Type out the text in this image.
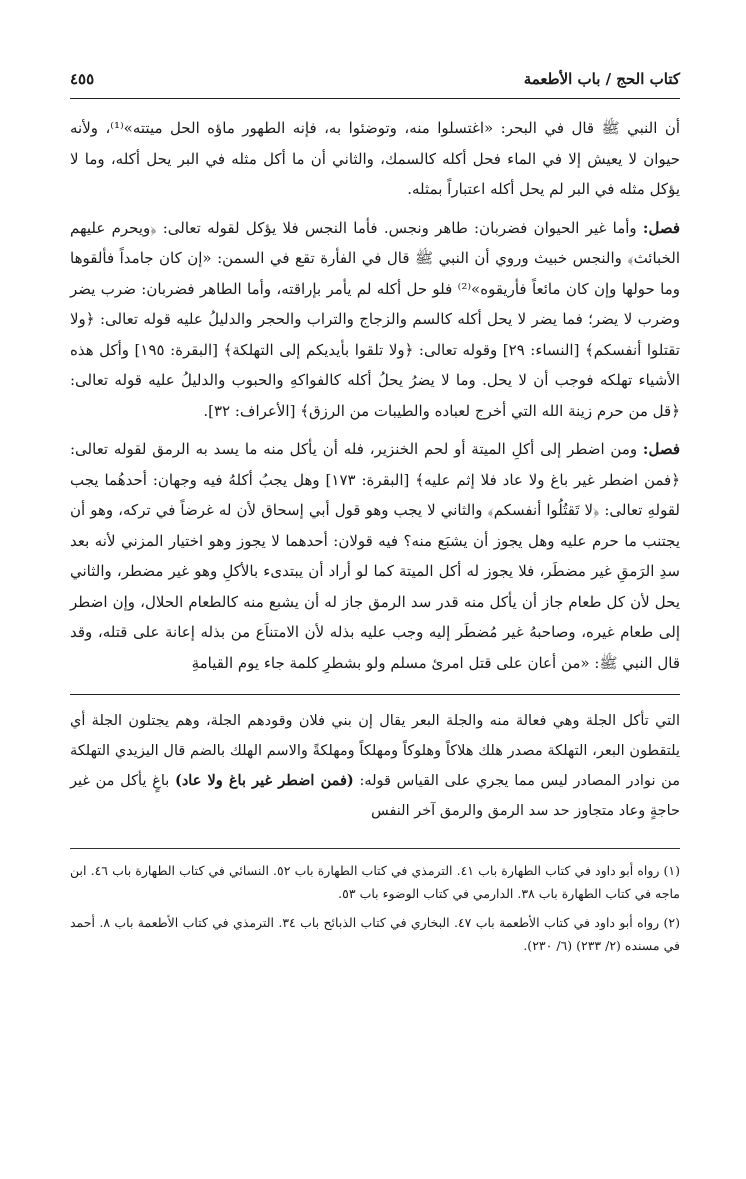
كتاب الحج / باب الأطعمة
٤٥٥

أن النبي ﷺ قال في البحر: «اغتسلوا منه، وتوضئوا به، فإنه الطهور ماؤه الحل ميتته»⁽¹⁾، ولأنه حيوان لا يعيش إلا في الماء فحل أكله كالسمك، والثاني أن ما أكل مثله في البر يحل أكله، وما لا يؤكل مثله في البر لم يحل أكله اعتباراً بمثله.

فصل: وأما غير الحيوان فضربان: طاهر ونجس. فأما النجس فلا يؤكل لقوله تعالى: ﴿ويحرم عليهم الخبائث﴾ والنجس خبيث وروي أن النبي ﷺ قال في الفأرة تقع في السمن: «إن كان جامداً فألقوها وما حولها وإن كان مائعاً فأريقوه»⁽²⁾ فلو حل أكله لم يأمر بإراقته، وأما الطاهر فضربان: ضرب يضر وضرب لا يضر؛ فما يضر لا يحل أكله كالسم والزجاج والتراب والحجر والدليلُ عليه قوله تعالى: ﴿ولا تقتلوا أنفسكم﴾ [النساء: ٢٩] وقوله تعالى: ﴿ولا تلقوا بأيديكم إلى التهلكة﴾ [البقرة: ١٩٥] وأكل هذه الأشياء تهلكه فوجب أن لا يحل. وما لا يضرُ يحلُ أكله كالفواكهِ والحبوب والدليلُ عليه قوله تعالى: ﴿قل من حرم زينة الله التي أخرج لعباده والطيبات من الرزق﴾ [الأعراف: ٣٢].

فصل: ومن اضطر إلى أكلِ الميتة أو لحم الخنزير، فله أن يأكل منه ما يسد به الرمق لقوله تعالى: ﴿فمن اضطر غير باغ ولا عاد فلا إثم عليه﴾ [البقرة: ١٧٣] وهل يجبُ أكلهُ فيه وجهان: أحدهُما يجب لقولهِ تعالى: ﴿لا تَقتُلُوا أنفسكم﴾ والثاني لا يجب وهو قول أبي إسحاق لأن له غرضاً في تركه، وهو أن يجتنب ما حرم عليه وهل يجوز أن يشبَع منه؟ فيه قولان: أحدهما لا يجوز وهو اختيار المزني لأنه بعد سدِ الرَمقِ غير مضطَر، فلا يجوز له أكل الميتة كما لو أراد أن يبتدىء بالأكلِ وهو غير مضطر، والثاني يحل لأن كل طعام جاز أن يأكل منه قدر سد الرمق جاز له أن يشبع منه كالطعام الحلال، وإن اضطر إلى طعام غيره، وصاحبهُ غير مُضطَر إليه وجب عليه بذله لأن الامتناَع من بذله إعانة على قتله، وقد قال النبي ﷺ: «من أعان على قتل امرئ مسلم ولو بشطرِ كلمة جاء يوم القيامةِ

التي تأكل الجلة وهي فعالة منه والجلة البعر يقال إن بني فلان وقودهم الجلة، وهم يجتلون الجلة أي يلتقطون البعر، التهلكة مصدر هلك هلاكاً وهلوكاً ومهلكاً ومهلكةً والاسم الهلك بالضم قال اليزيدي التهلكة من نوادر المصادر ليس مما يجري على القياس قوله: (فمن اضطر غير باغ ولا عاد) باغٍ يأكل من غير حاجةٍ وعاد متجاوز حد سد الرمق والرمق آخر النفس

(١) رواه أبو داود في كتاب الطهارة باب ٤١. الترمذي في كتاب الطهارة باب ٥٢. النسائي في كتاب الطهارة باب ٤٦. ابن ماجه في كتاب الطهارة باب ٣٨. الدارمي في كتاب الوضوء باب ٥٣.

(٢) رواه أبو داود في كتاب الأطعمة باب ٤٧. البخاري في كتاب الذبائح باب ٣٤. الترمذي في كتاب الأطعمة باب ٨. أحمد في مسنده (٢/ ٢٣٣) (٦/ ٢٣٠).
